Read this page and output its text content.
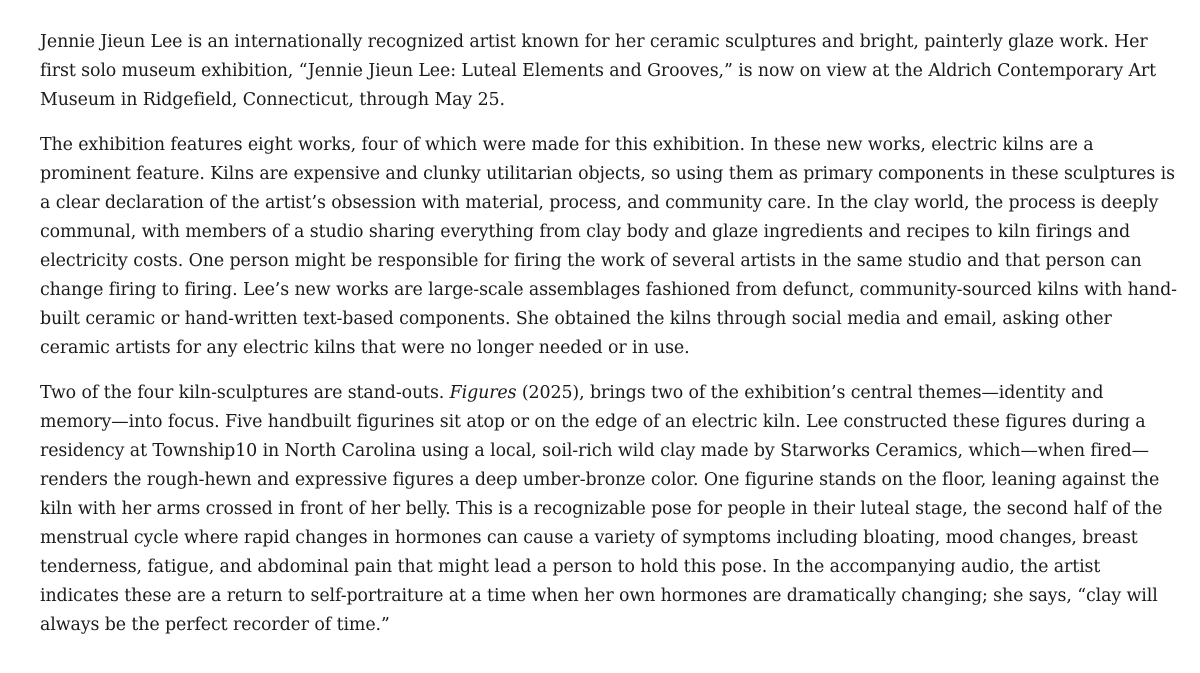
Jennie Jieun Lee is an internationally recognized artist known for her ceramic sculptures and bright, painterly glaze work. Her first solo museum exhibition, “Jennie Jieun Lee: Luteal Elements and Grooves,” is now on view at the Aldrich Contemporary Art Museum in Ridgefield, Connecticut, through May 25.

The exhibition features eight works, four of which were made for this exhibition. In these new works, electric kilns are a prominent feature. Kilns are expensive and clunky utilitarian objects, so using them as primary components in these sculptures is a clear declaration of the artist’s obsession with material, process, and community care. In the clay world, the process is deeply communal, with members of a studio sharing everything from clay body and glaze ingredients and recipes to kiln firings and electricity costs. One person might be responsible for firing the work of several artists in the same studio and that person can change firing to firing. Lee’s new works are large-scale assemblages fashioned from defunct, community-sourced kilns with hand-built ceramic or hand-written text-based components. She obtained the kilns through social media and email, asking other ceramic artists for any electric kilns that were no longer needed or in use.

Two of the four kiln-sculptures are stand-outs. Figures (2025), brings two of the exhibition’s central themes—identity and memory—into focus. Five handbuilt figurines sit atop or on the edge of an electric kiln. Lee constructed these figures during a residency at Township10 in North Carolina using a local, soil-rich wild clay made by Starworks Ceramics, which—when fired—renders the rough-hewn and expressive figures a deep umber-bronze color. One figurine stands on the floor, leaning against the kiln with her arms crossed in front of her belly. This is a recognizable pose for people in their luteal stage, the second half of the menstrual cycle where rapid changes in hormones can cause a variety of symptoms including bloating, mood changes, breast tenderness, fatigue, and abdominal pain that might lead a person to hold this pose. In the accompanying audio, the artist indicates these are a return to self-portraiture at a time when her own hormones are dramatically changing; she says, “clay will always be the perfect recorder of time.”
